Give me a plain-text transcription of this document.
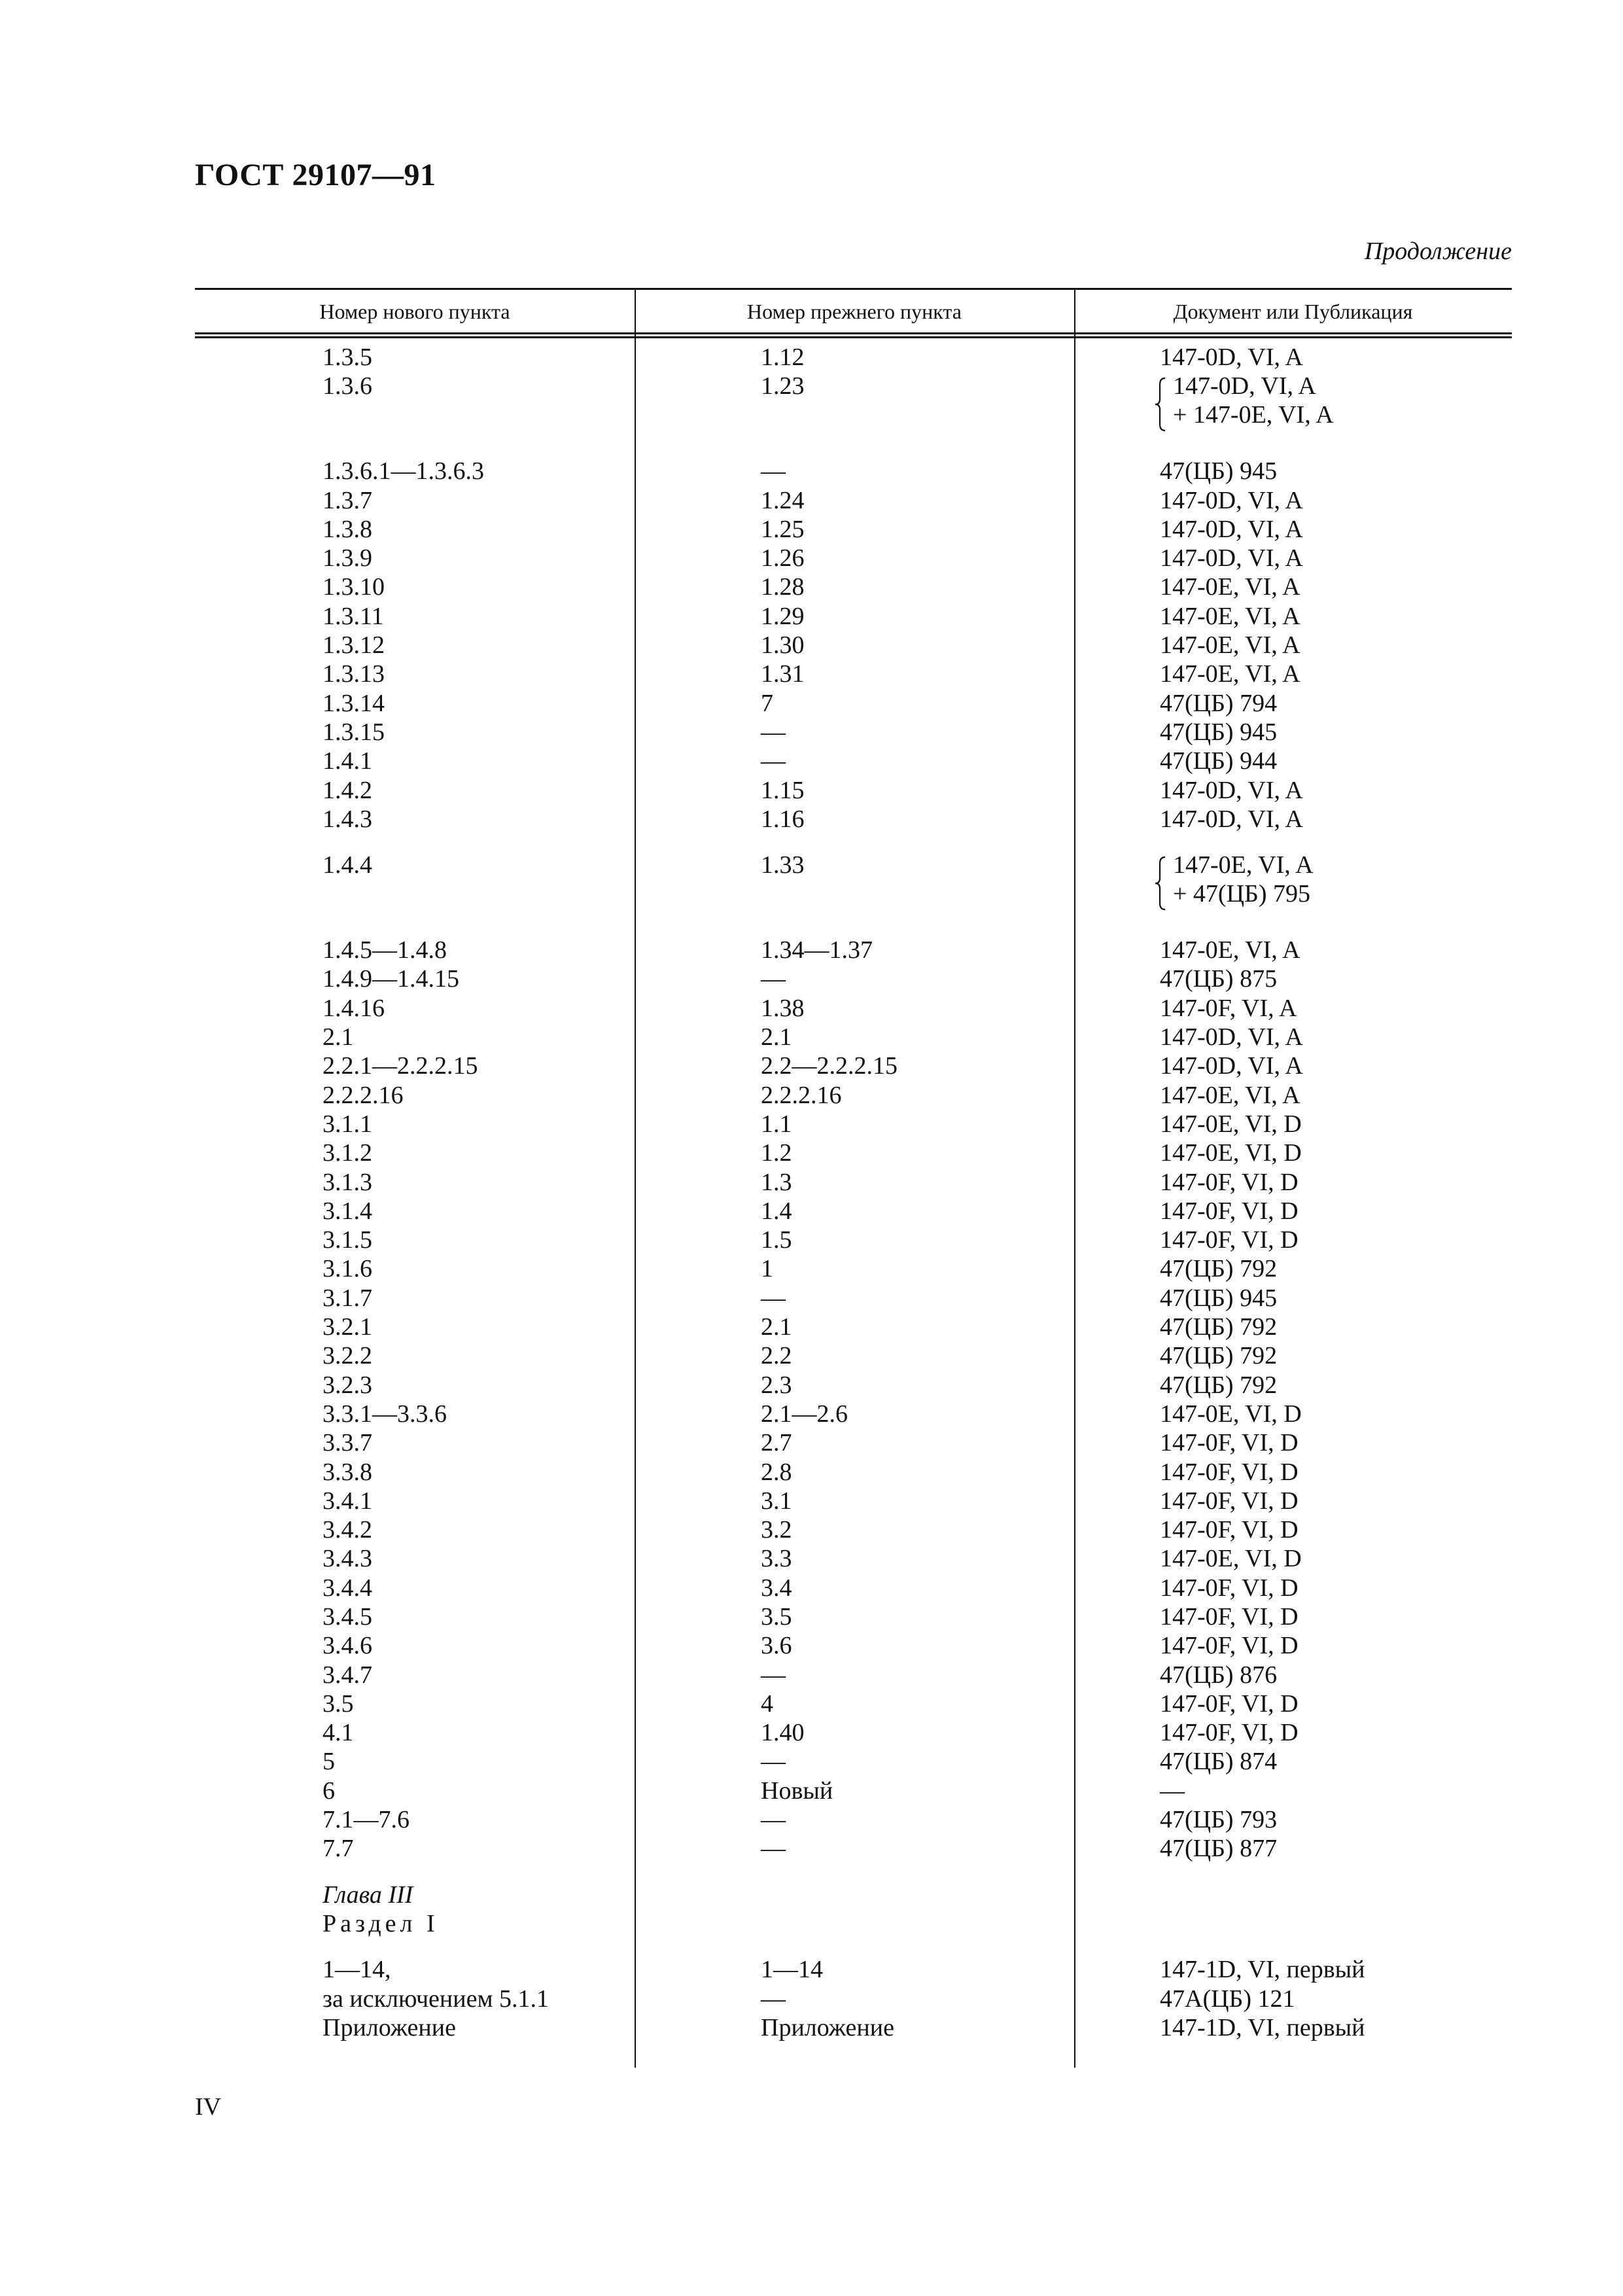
ГОСТ 29107—91
Продолжение
Номер нового пункта	Номер прежнего пункта	Документ или Публикация
1.3.5	1.12	147-0D, VI, A
1.3.6	1.23	147-0D, VI, A
+ 147-0E, VI, A
1.3.6.1—1.3.6.3	—	47(ЦБ) 945
1.3.7	1.24	147-0D, VI, A
1.3.8	1.25	147-0D, VI, A
1.3.9	1.26	147-0D, VI, A
1.3.10	1.28	147-0E, VI, A
1.3.11	1.29	147-0E, VI, A
1.3.12	1.30	147-0E, VI, A
1.3.13	1.31	147-0E, VI, A
1.3.14	7	47(ЦБ) 794
1.3.15	—	47(ЦБ) 945
1.4.1	—	47(ЦБ) 944
1.4.2	1.15	147-0D, VI, A
1.4.3	1.16	147-0D, VI, A
1.4.4	1.33	147-0E, VI, A
+ 47(ЦБ) 795
1.4.5—1.4.8	1.34—1.37	147-0E, VI, A
1.4.9—1.4.15	—	47(ЦБ) 875
1.4.16	1.38	147-0F, VI, A
2.1	2.1	147-0D, VI, A
2.2.1—2.2.2.15	2.2—2.2.2.15	147-0D, VI, A
2.2.2.16	2.2.2.16	147-0E, VI, A
3.1.1	1.1	147-0E, VI, D
3.1.2	1.2	147-0E, VI, D
3.1.3	1.3	147-0F, VI, D
3.1.4	1.4	147-0F, VI, D
3.1.5	1.5	147-0F, VI, D
3.1.6	1	47(ЦБ) 792
3.1.7	—	47(ЦБ) 945
3.2.1	2.1	47(ЦБ) 792
3.2.2	2.2	47(ЦБ) 792
3.2.3	2.3	47(ЦБ) 792
3.3.1—3.3.6	2.1—2.6	147-0E, VI, D
3.3.7	2.7	147-0F, VI, D
3.3.8	2.8	147-0F, VI, D
3.4.1	3.1	147-0F, VI, D
3.4.2	3.2	147-0F, VI, D
3.4.3	3.3	147-0E, VI, D
3.4.4	3.4	147-0F, VI, D
3.4.5	3.5	147-0F, VI, D
3.4.6	3.6	147-0F, VI, D
3.4.7	—	47(ЦБ) 876
3.5	4	147-0F, VI, D
4.1	1.40	147-0F, VI, D
5	—	47(ЦБ) 874
6	Новый	—
7.1—7.6	—	47(ЦБ) 793
7.7	—	47(ЦБ) 877
Глава III
Раздел I
1—14,	1—14	147-1D, VI, первый
за исключением 5.1.1	—	47А(ЦБ) 121
Приложение	Приложение	147-1D, VI, первый
IV
